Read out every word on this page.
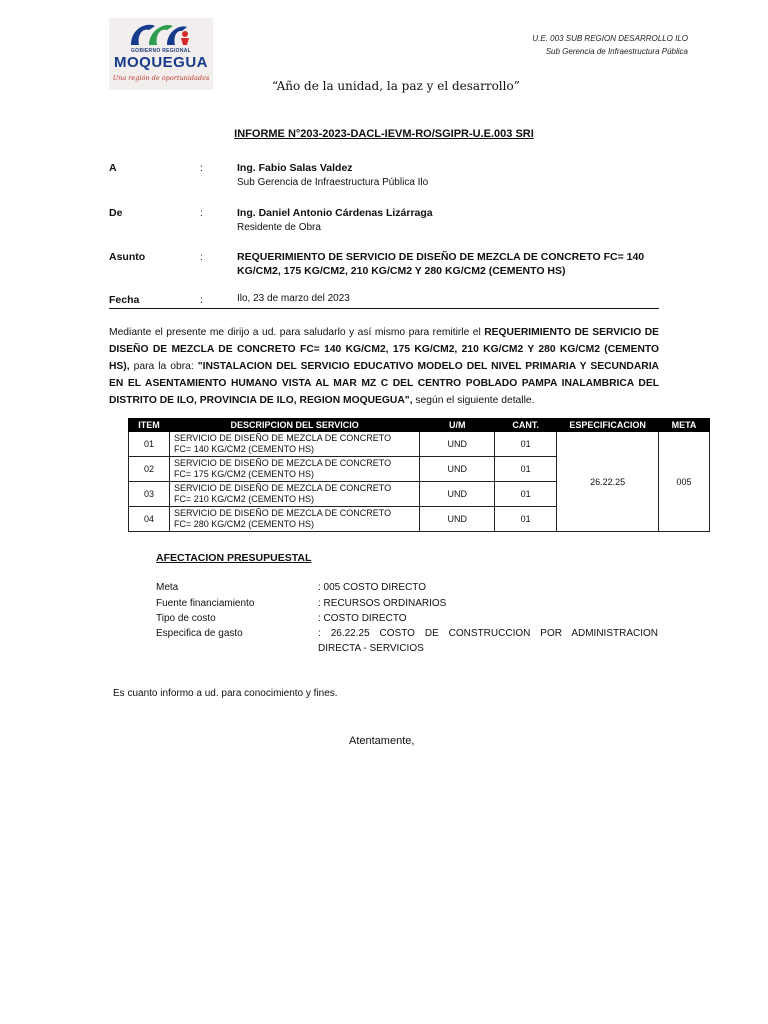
GOBIERNO REGIONAL
MOQUEGUA
Una región de oportunidades
U.E. 003 SUB REGION DESARROLLO ILO
Sub Gerencia de Infraestructura Pública
“Año de la unidad, la paz y el desarrollo”
INFORME N°203-2023-DACL-IEVM-RO/SGIPR-U.E.003 SRI
A	:	Ing. Fabio Salas Valdez
Sub Gerencia de Infraestructura Pública Ilo
De	:	Ing. Daniel Antonio Cárdenas Lizárraga
Residente de Obra
Asunto	:	REQUERIMIENTO DE SERVICIO DE DISEÑO DE MEZCLA DE CONCRETO FC= 140
KG/CM2, 175 KG/CM2, 210 KG/CM2 Y 280 KG/CM2 (CEMENTO HS)
Fecha	:	Ilo, 23 de marzo del 2023
Mediante el presente me dirijo a ud. para saludarlo y así mismo para remitirle el REQUERIMIENTO DE SERVICIO DE DISEÑO DE MEZCLA DE CONCRETO FC= 140 KG/CM2, 175 KG/CM2, 210 KG/CM2 Y 280 KG/CM2 (CEMENTO HS), para la obra: "INSTALACION DEL SERVICIO EDUCATIVO MODELO DEL NIVEL PRIMARIA Y SECUNDARIA EN EL ASENTAMIENTO HUMANO VISTA AL MAR MZ C DEL CENTRO POBLADO PAMPA INALAMBRICA DEL DISTRITO DE ILO, PROVINCIA DE ILO, REGION MOQUEGUA", según el siguiente detalle.
ITEM	DESCRIPCION DEL SERVICIO	U/M	CANT.	ESPECIFICACION	META
01	SERVICIO DE DISEÑO DE MEZCLA DE CONCRETO
FC= 140 KG/CM2 (CEMENTO HS)	UND	01	26.22.25	005
02	SERVICIO DE DISEÑO DE MEZCLA DE CONCRETO
FC= 175 KG/CM2 (CEMENTO HS)	UND	01		
03	SERVICIO DE DISEÑO DE MEZCLA DE CONCRETO
FC= 210 KG/CM2 (CEMENTO HS)	UND	01		
04	SERVICIO DE DISEÑO DE MEZCLA DE CONCRETO
FC= 280 KG/CM2 (CEMENTO HS)	UND	01		
AFECTACION PRESUPUESTAL
Meta	: 005 COSTO DIRECTO
Fuente financiamiento	: RECURSOS ORDINARIOS
Tipo de costo	: COSTO DIRECTO
Especifica de gasto	: 26.22.25 COSTO DE CONSTRUCCION POR ADMINISTRACION
DIRECTA - SERVICIOS
Es cuanto informo a ud. para conocimiento y fines.
Atentamente,
